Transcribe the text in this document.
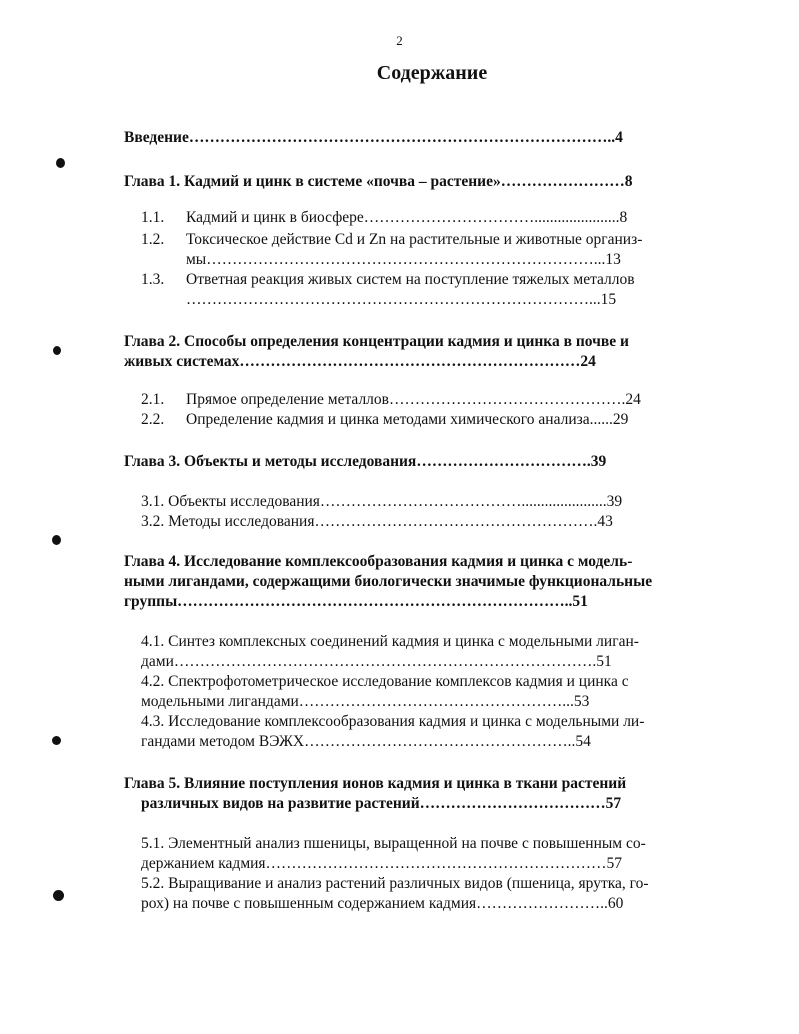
2
Содержание
Введение………………………………………………………………………..4
Глава 1. Кадмий и цинк в системе «почва – растение»……………………8
1.1. Кадмий и цинк в биосфере……………………………......................8
1.2. Токсическое действие Cd и Zn на растительные и животные организ-
мы…………………………………………………………………...13
1.3. Ответная реакция живых систем на поступление тяжелых металлов
……………………………………………………………………...15
Глава 2. Способы определения концентрации кадмия и цинка в почве и
живых системах…………………………………………………………24
2.1. Прямое определение металлов……………………………………….24
2.2. Определение кадмия и цинка методами химического анализа......29
Глава 3. Объекты и методы исследования…………………………….39
3.1. Объекты исследования…………………………………......................39
3.2. Методы исследования……………………………………………….43
Глава 4. Исследование комплексообразования кадмия и цинка с модель-
ными лигандами, содержащими биологически значимые функциональные
группы…………………………………………………………………..51
4.1. Синтез комплексных соединений кадмия и цинка с модельными лиган-
дами……………………………………………………………………….51
4.2. Спектрофотометрическое исследование комплексов кадмия и цинка с
модельными лигандами……………………………………………...53
4.3. Исследование комплексообразования кадмия и цинка с модельными ли-
гандами методом ВЭЖХ……………………………………………..54
Глава 5. Влияние поступления ионов кадмия и цинка в ткани растений
различных видов на развитие растений………………………………57
5.1. Элементный анализ пшеницы, выращенной на почве с повышенным со-
держанием кадмия…………………………………………………………57
5.2. Выращивание и анализ растений различных видов (пшеница, ярутка, го-
рох) на почве с повышенным содержанием кадмия……………………..60
